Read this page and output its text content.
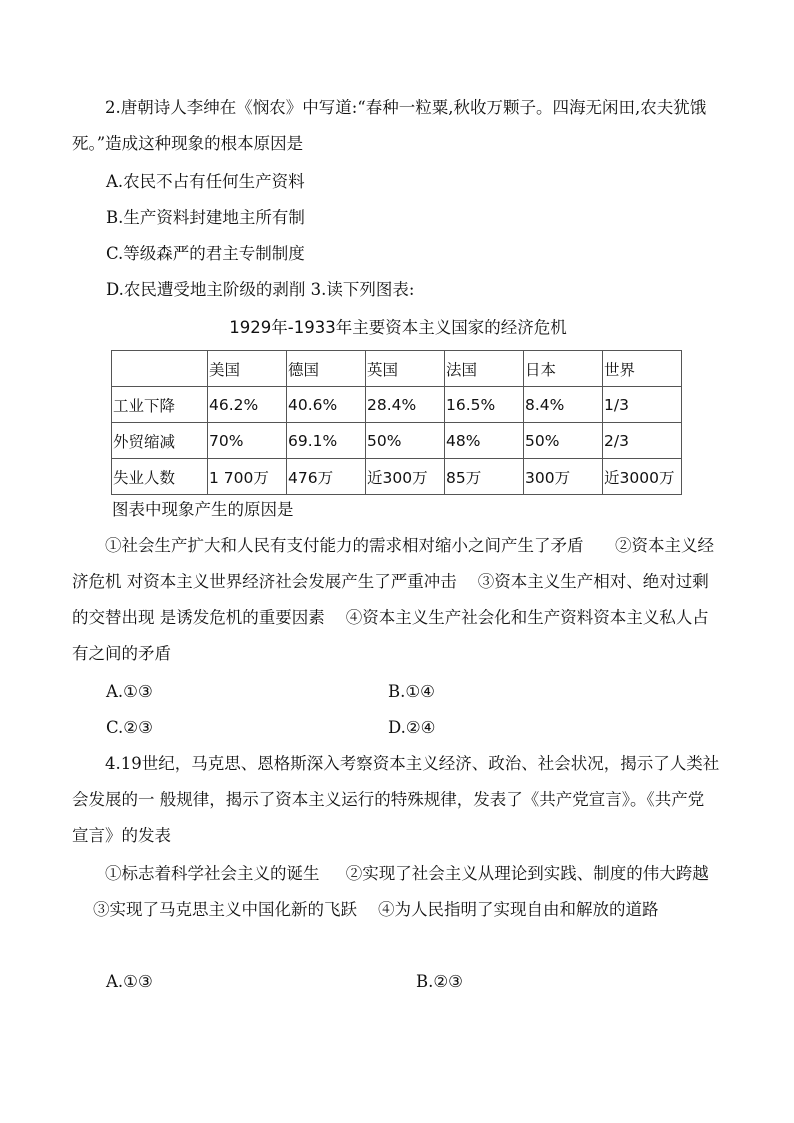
2.唐朝诗人李绅在《悯农》中写道:“春种一粒粟,秋收万颗子。四海无闲田,农夫犹饿死。”造成这种现象的根本原因是

A.农民不占有任何生产资料
B.生产资料封建地主所有制
C.等级森严的君主专制制度
D.农民遭受地主阶级的剥削 3.读下列图表:
1929年-1933年主要资本主义国家的经济危机
	美国	德国	英国	法国	日本	世界
工业下降	46.2%	40.6%	28.4%	16.5%	8.4%	1/3
外贸缩减	70%	69.1%	50%	48%	50%	2/3
失业人数	1 700万	476万	近300万	85万	300万	近3000万
图表中现象产生的原因是

①社会生产扩大和人民有支付能力的需求相对缩小之间产生了矛盾 ②资本主义经济危机 对资本主义世界经济社会发展产生了严重冲击 ③资本主义生产相对、绝对过剩的交替出现 是诱发危机的重要因素 ④资本主义生产社会化和生产资料资本主义私人占有之间的矛盾

A.①③	B.①④
C.②③	D.②④

4.19世纪，马克思、恩格斯深入考察资本主义经济、政治、社会状况，揭示了人类社会发展的一 般规律，揭示了资本主义运行的特殊规律，发表了《共产党宣言》。《共产党宣言》的发表

①标志着科学社会主义的诞生 ②实现了社会主义从理论到实践、制度的伟大跨越    ③实现了马克思主义中国化新的飞跃 ④为人民指明了实现自由和解放的道路

A.①③	B.②③
